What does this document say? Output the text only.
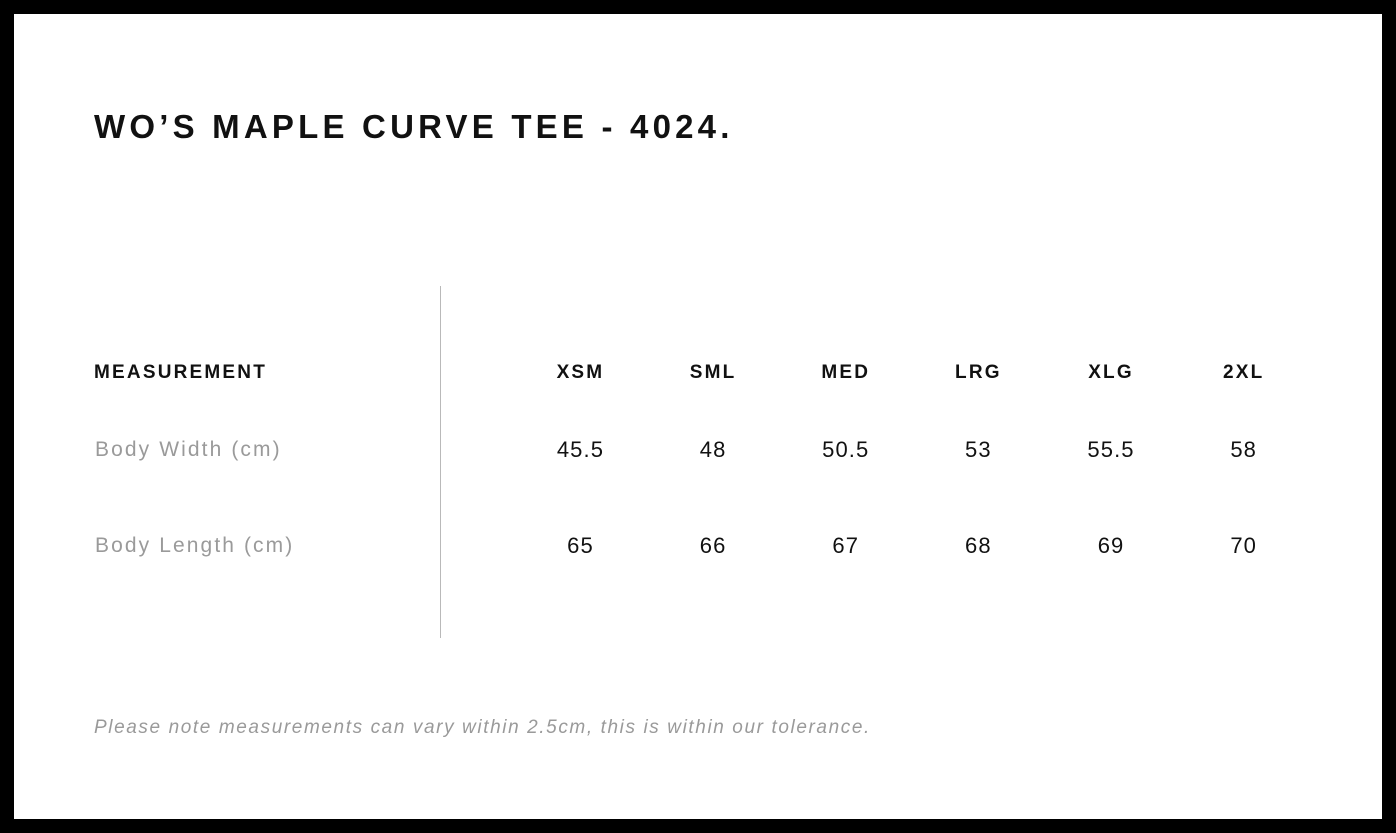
WO’S MAPLE CURVE TEE - 4024.
MEASUREMENT	XSM	SML	MED	LRG	XLG	2XL
Body Width (cm)	45.5	48	50.5	53	55.5	58
Body Length (cm)	65	66	67	68	69	70
Please note measurements can vary within 2.5cm, this is within our tolerance.
